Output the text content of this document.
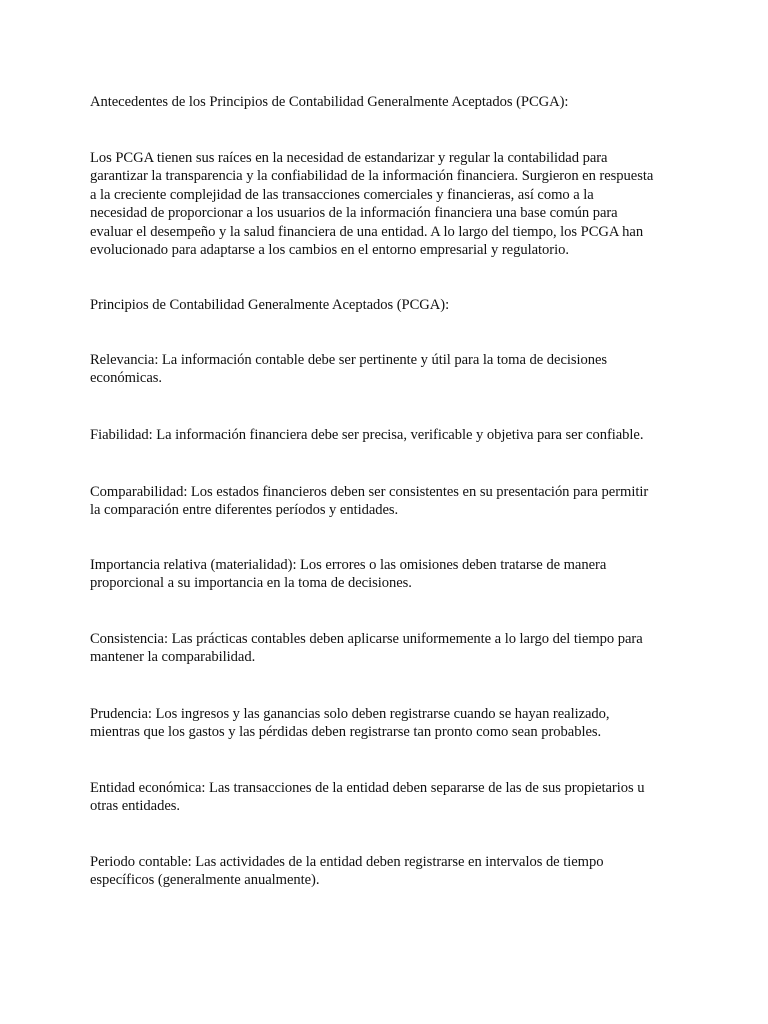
Antecedentes de los Principios de Contabilidad Generalmente Aceptados (PCGA):
Los PCGA tienen sus raíces en la necesidad de estandarizar y regular la contabilidad para
garantizar la transparencia y la confiabilidad de la información financiera. Surgieron en respuesta
a la creciente complejidad de las transacciones comerciales y financieras, así como a la
necesidad de proporcionar a los usuarios de la información financiera una base común para
evaluar el desempeño y la salud financiera de una entidad. A lo largo del tiempo, los PCGA han
evolucionado para adaptarse a los cambios en el entorno empresarial y regulatorio.
Principios de Contabilidad Generalmente Aceptados (PCGA):
Relevancia: La información contable debe ser pertinente y útil para la toma de decisiones
económicas.
Fiabilidad: La información financiera debe ser precisa, verificable y objetiva para ser confiable.
Comparabilidad: Los estados financieros deben ser consistentes en su presentación para permitir
la comparación entre diferentes períodos y entidades.
Importancia relativa (materialidad): Los errores o las omisiones deben tratarse de manera
proporcional a su importancia en la toma de decisiones.
Consistencia: Las prácticas contables deben aplicarse uniformemente a lo largo del tiempo para
mantener la comparabilidad.
Prudencia: Los ingresos y las ganancias solo deben registrarse cuando se hayan realizado,
mientras que los gastos y las pérdidas deben registrarse tan pronto como sean probables.
Entidad económica: Las transacciones de la entidad deben separarse de las de sus propietarios u
otras entidades.
Periodo contable: Las actividades de la entidad deben registrarse en intervalos de tiempo
específicos (generalmente anualmente).
